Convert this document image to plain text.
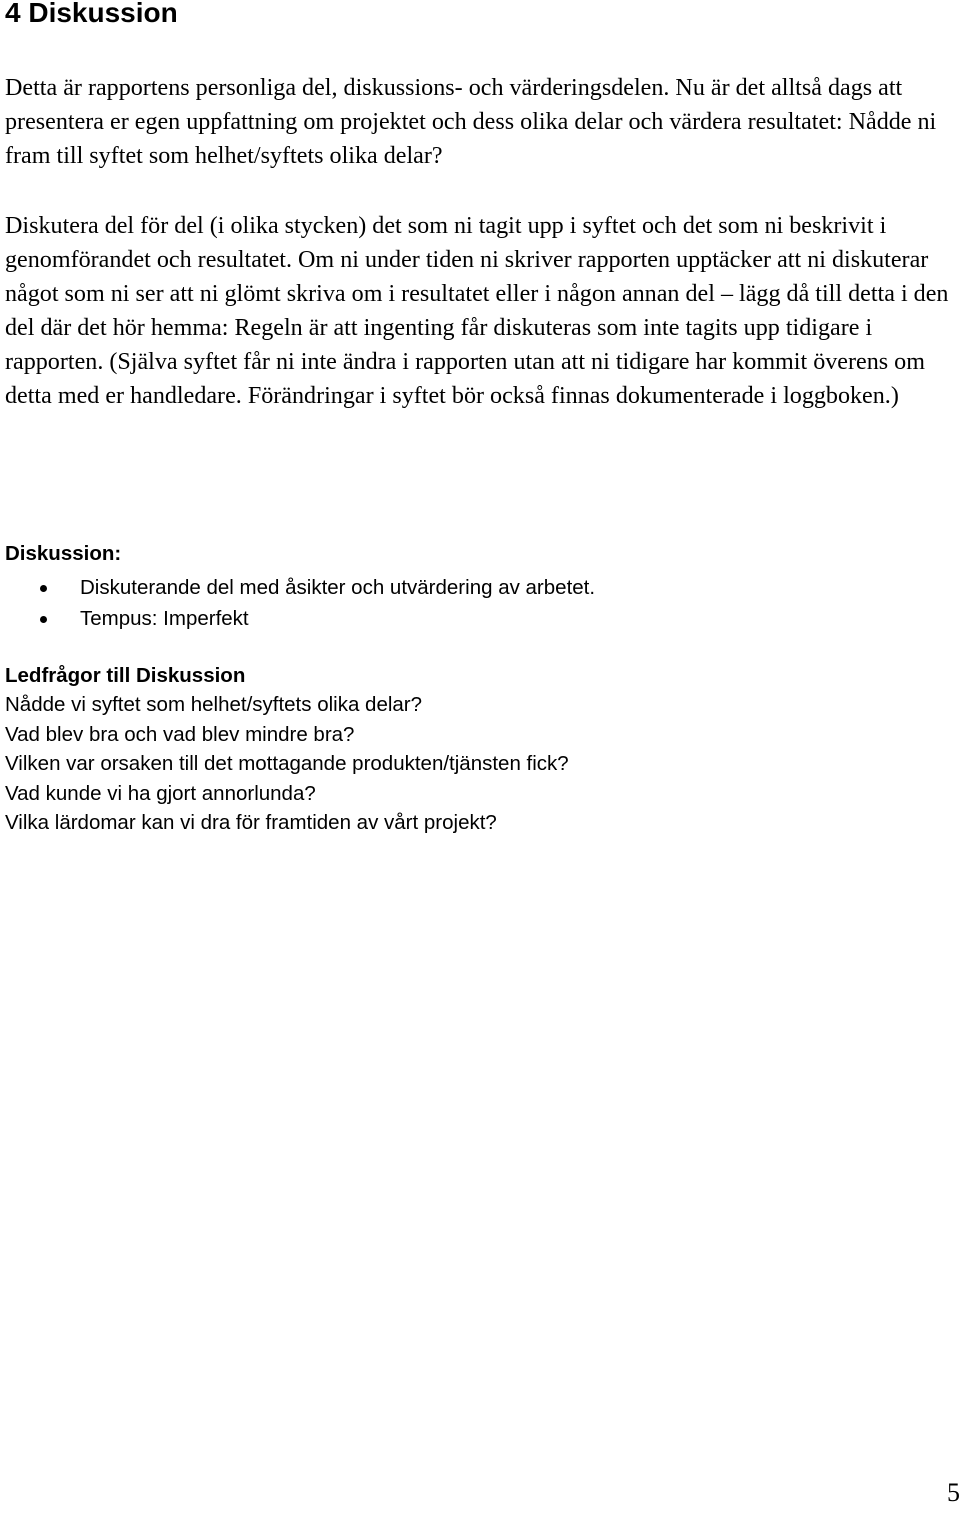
4 Diskussion

Detta är rapportens personliga del, diskussions- och värderingsdelen. Nu är det alltså dags att presentera er egen uppfattning om projektet och dess olika delar och värdera resultatet: Nådde ni fram till syftet som helhet/syftets olika delar?

Diskutera del för del (i olika stycken) det som ni tagit upp i syftet och det som ni beskrivit i genomförandet och resultatet. Om ni under tiden ni skriver rapporten upptäcker att ni diskuterar något som ni ser att ni glömt skriva om i resultatet eller i någon annan del – lägg då till detta i den del där det hör hemma: Regeln är att ingenting får diskuteras som inte tagits upp tidigare i rapporten. (Själva syftet får ni inte ändra i rapporten utan att ni tidigare har kommit överens om detta med er handledare. Förändringar i syftet bör också finnas dokumenterade i loggboken.)

Diskussion:

Diskuterande del med åsikter och utvärdering av arbetet.
Tempus: Imperfekt

Ledfrågor till Diskussion

Nådde vi syftet som helhet/syftets olika delar?
Vad blev bra och vad blev mindre bra?
Vilken var orsaken till det mottagande produkten/tjänsten fick?
Vad kunde vi ha gjort annorlunda?
Vilka lärdomar kan vi dra för framtiden av vårt projekt?
5
